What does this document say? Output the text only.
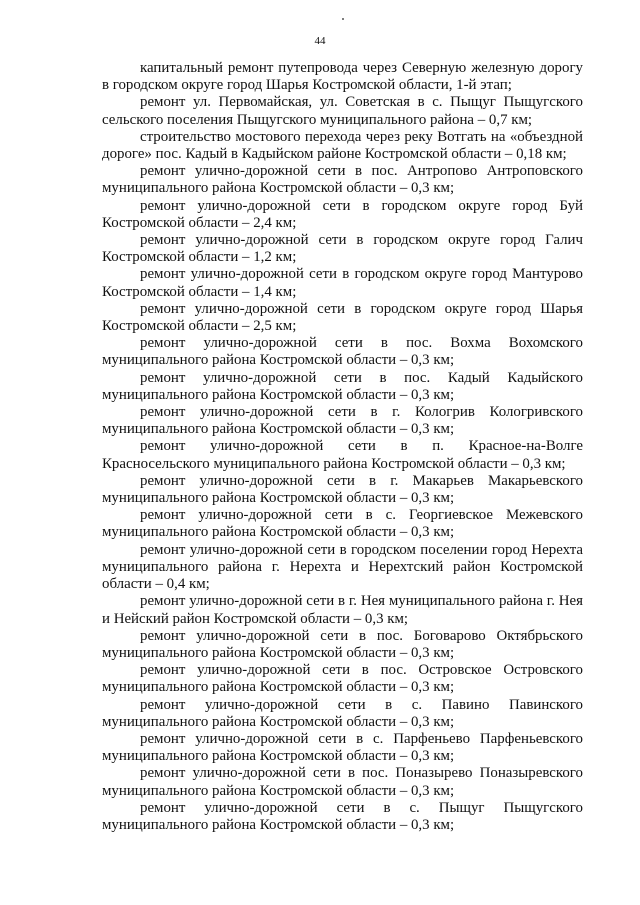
44

капитальный ремонт путепровода через Северную железную дорогу в городском округе город Шарья Костромской области, 1-й этап;

ремонт ул. Первомайская, ул. Советская в с. Пыщуг Пыщугского сельского поселения Пыщугского муниципального района – 0,7 км;

строительство мостового перехода через реку Вотгать на «объездной дороге» пос. Кадый в Кадыйском районе Костромской области – 0,18 км;

ремонт улично-дорожной сети в пос. Антропово Антроповского муниципального района Костромской области – 0,3 км;

ремонт улично-дорожной сети в городском округе город Буй Костромской области – 2,4 км;

ремонт улично-дорожной сети в городском округе город Галич Костромской области – 1,2 км;

ремонт улично-дорожной сети в городском округе город Мантурово Костромской области – 1,4 км;

ремонт улично-дорожной сети в городском округе город Шарья Костромской области – 2,5 км;

ремонт улично-дорожной сети в пос. Вохма Вохомского муниципального района Костромской области – 0,3 км;

ремонт улично-дорожной сети в пос. Кадый Кадыйского муниципального района Костромской области – 0,3 км;

ремонт улично-дорожной сети в г. Кологрив Кологривского муниципального района Костромской области – 0,3 км;

ремонт улично-дорожной сети в п. Красное-на-Волге Красносельского муниципального района Костромской области – 0,3 км;

ремонт улично-дорожной сети в г. Макарьев Макарьевского муниципального района Костромской области – 0,3 км;

ремонт улично-дорожной сети в с. Георгиевское Межевского муниципального района Костромской области – 0,3 км;

ремонт улично-дорожной сети в городском поселении город Нерехта муниципального района г. Нерехта и Нерехтский район Костромской области – 0,4 км;

ремонт улично-дорожной сети в г. Нея муниципального района г. Нея и Нейский район Костромской области – 0,3 км;

ремонт улично-дорожной сети в пос. Боговарово Октябрьского муниципального района Костромской области – 0,3 км;

ремонт улично-дорожной сети в пос. Островское Островского муниципального района Костромской области – 0,3 км;

ремонт улично-дорожной сети в с. Павино Павинского муниципального района Костромской области – 0,3 км;

ремонт улично-дорожной сети в с. Парфеньево Парфеньевского муниципального района Костромской области – 0,3 км;

ремонт улично-дорожной сети в пос. Поназырево Поназыревского муниципального района Костромской области – 0,3 км;

ремонт улично-дорожной сети в с. Пыщуг Пыщугского муниципального района Костромской области – 0,3 км;
